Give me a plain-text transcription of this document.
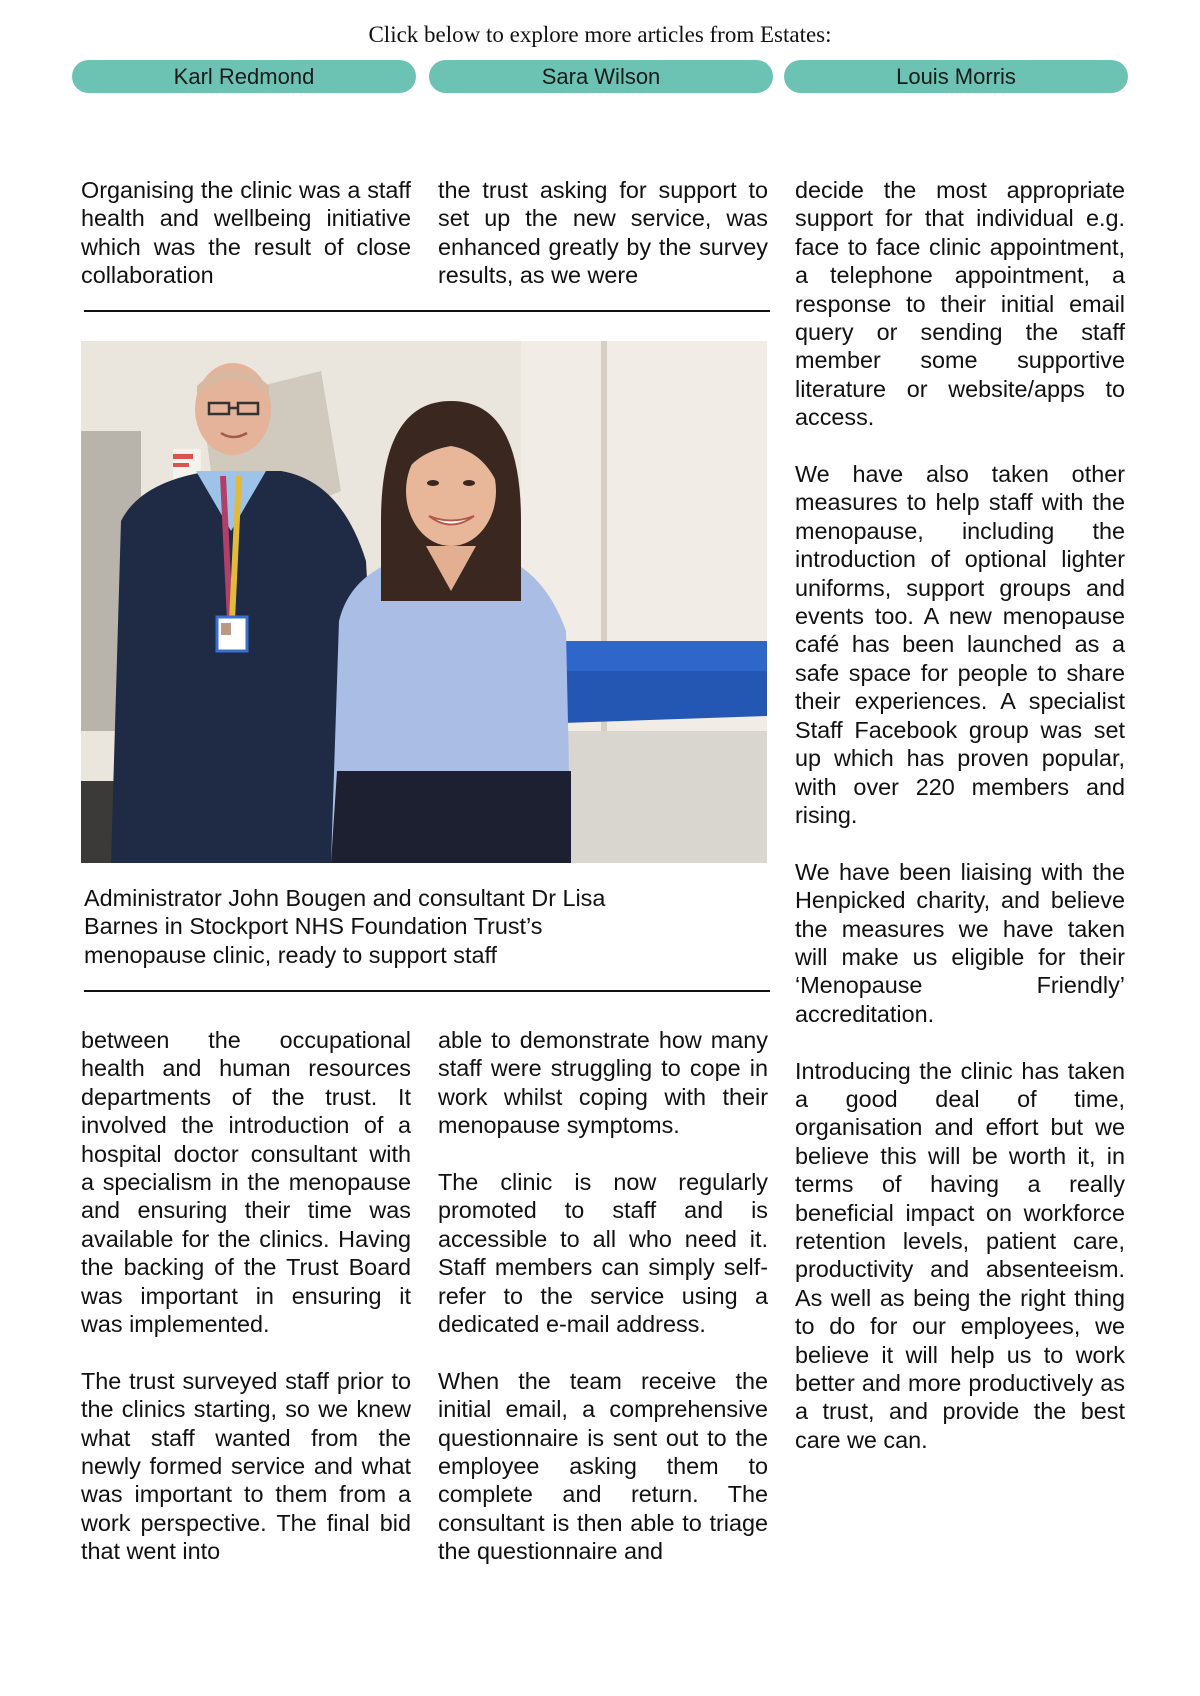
Click below to explore more articles from Estates:
Karl Redmond	Sara Wilson	Louis Morris

Organising the clinic was a staff health and wellbeing initiative which was the result of close collaboration

the trust asking for support to set up the new service, was enhanced greatly by the survey results, as we were

Administrator John Bougen and consultant Dr Lisa Barnes in Stockport NHS Foundation Trust’s menopause clinic, ready to support staff

between the occupational health and human resources departments of the trust. It involved the introduction of a hospital doctor consultant with a specialism in the menopause and ensuring their time was available for the clinics. Having the backing of the Trust Board was important in ensuring it was implemented.

The trust surveyed staff prior to the clinics starting, so we knew what staff wanted from the newly formed service and what was important to them from a work perspective. The final bid that went into

able to demonstrate how many staff were struggling to cope in work whilst coping with their menopause symptoms.

The clinic is now regularly promoted to staff and is accessible to all who need it. Staff members can simply self-refer to the service using a dedicated e-mail address.

When the team receive the initial email, a comprehensive questionnaire is sent out to the employee asking them to complete and return. The consultant is then able to triage the questionnaire and

decide the most appropriate support for that individual e.g. face to face clinic appointment, a telephone appointment, a response to their initial email query or sending the staff member some supportive literature or website/apps to access.

We have also taken other measures to help staff with the menopause, including the introduction of optional lighter uniforms, support groups and events too. A new menopause café has been launched as a safe space for people to share their experiences. A specialist Staff Facebook group was set up which has proven popular, with over 220 members and rising.

We have been liaising with the Henpicked charity, and believe the measures we have taken will make us eligible for their ‘Menopause Friendly’ accreditation.

Introducing the clinic has taken a good deal of time, organisation and effort but we believe this will be worth it, in terms of having a really beneficial impact on workforce retention levels, patient care, productivity and absenteeism. As well as being the right thing to do for our employees, we believe it will help us to work better and more productively as a trust, and provide the best care we can.
